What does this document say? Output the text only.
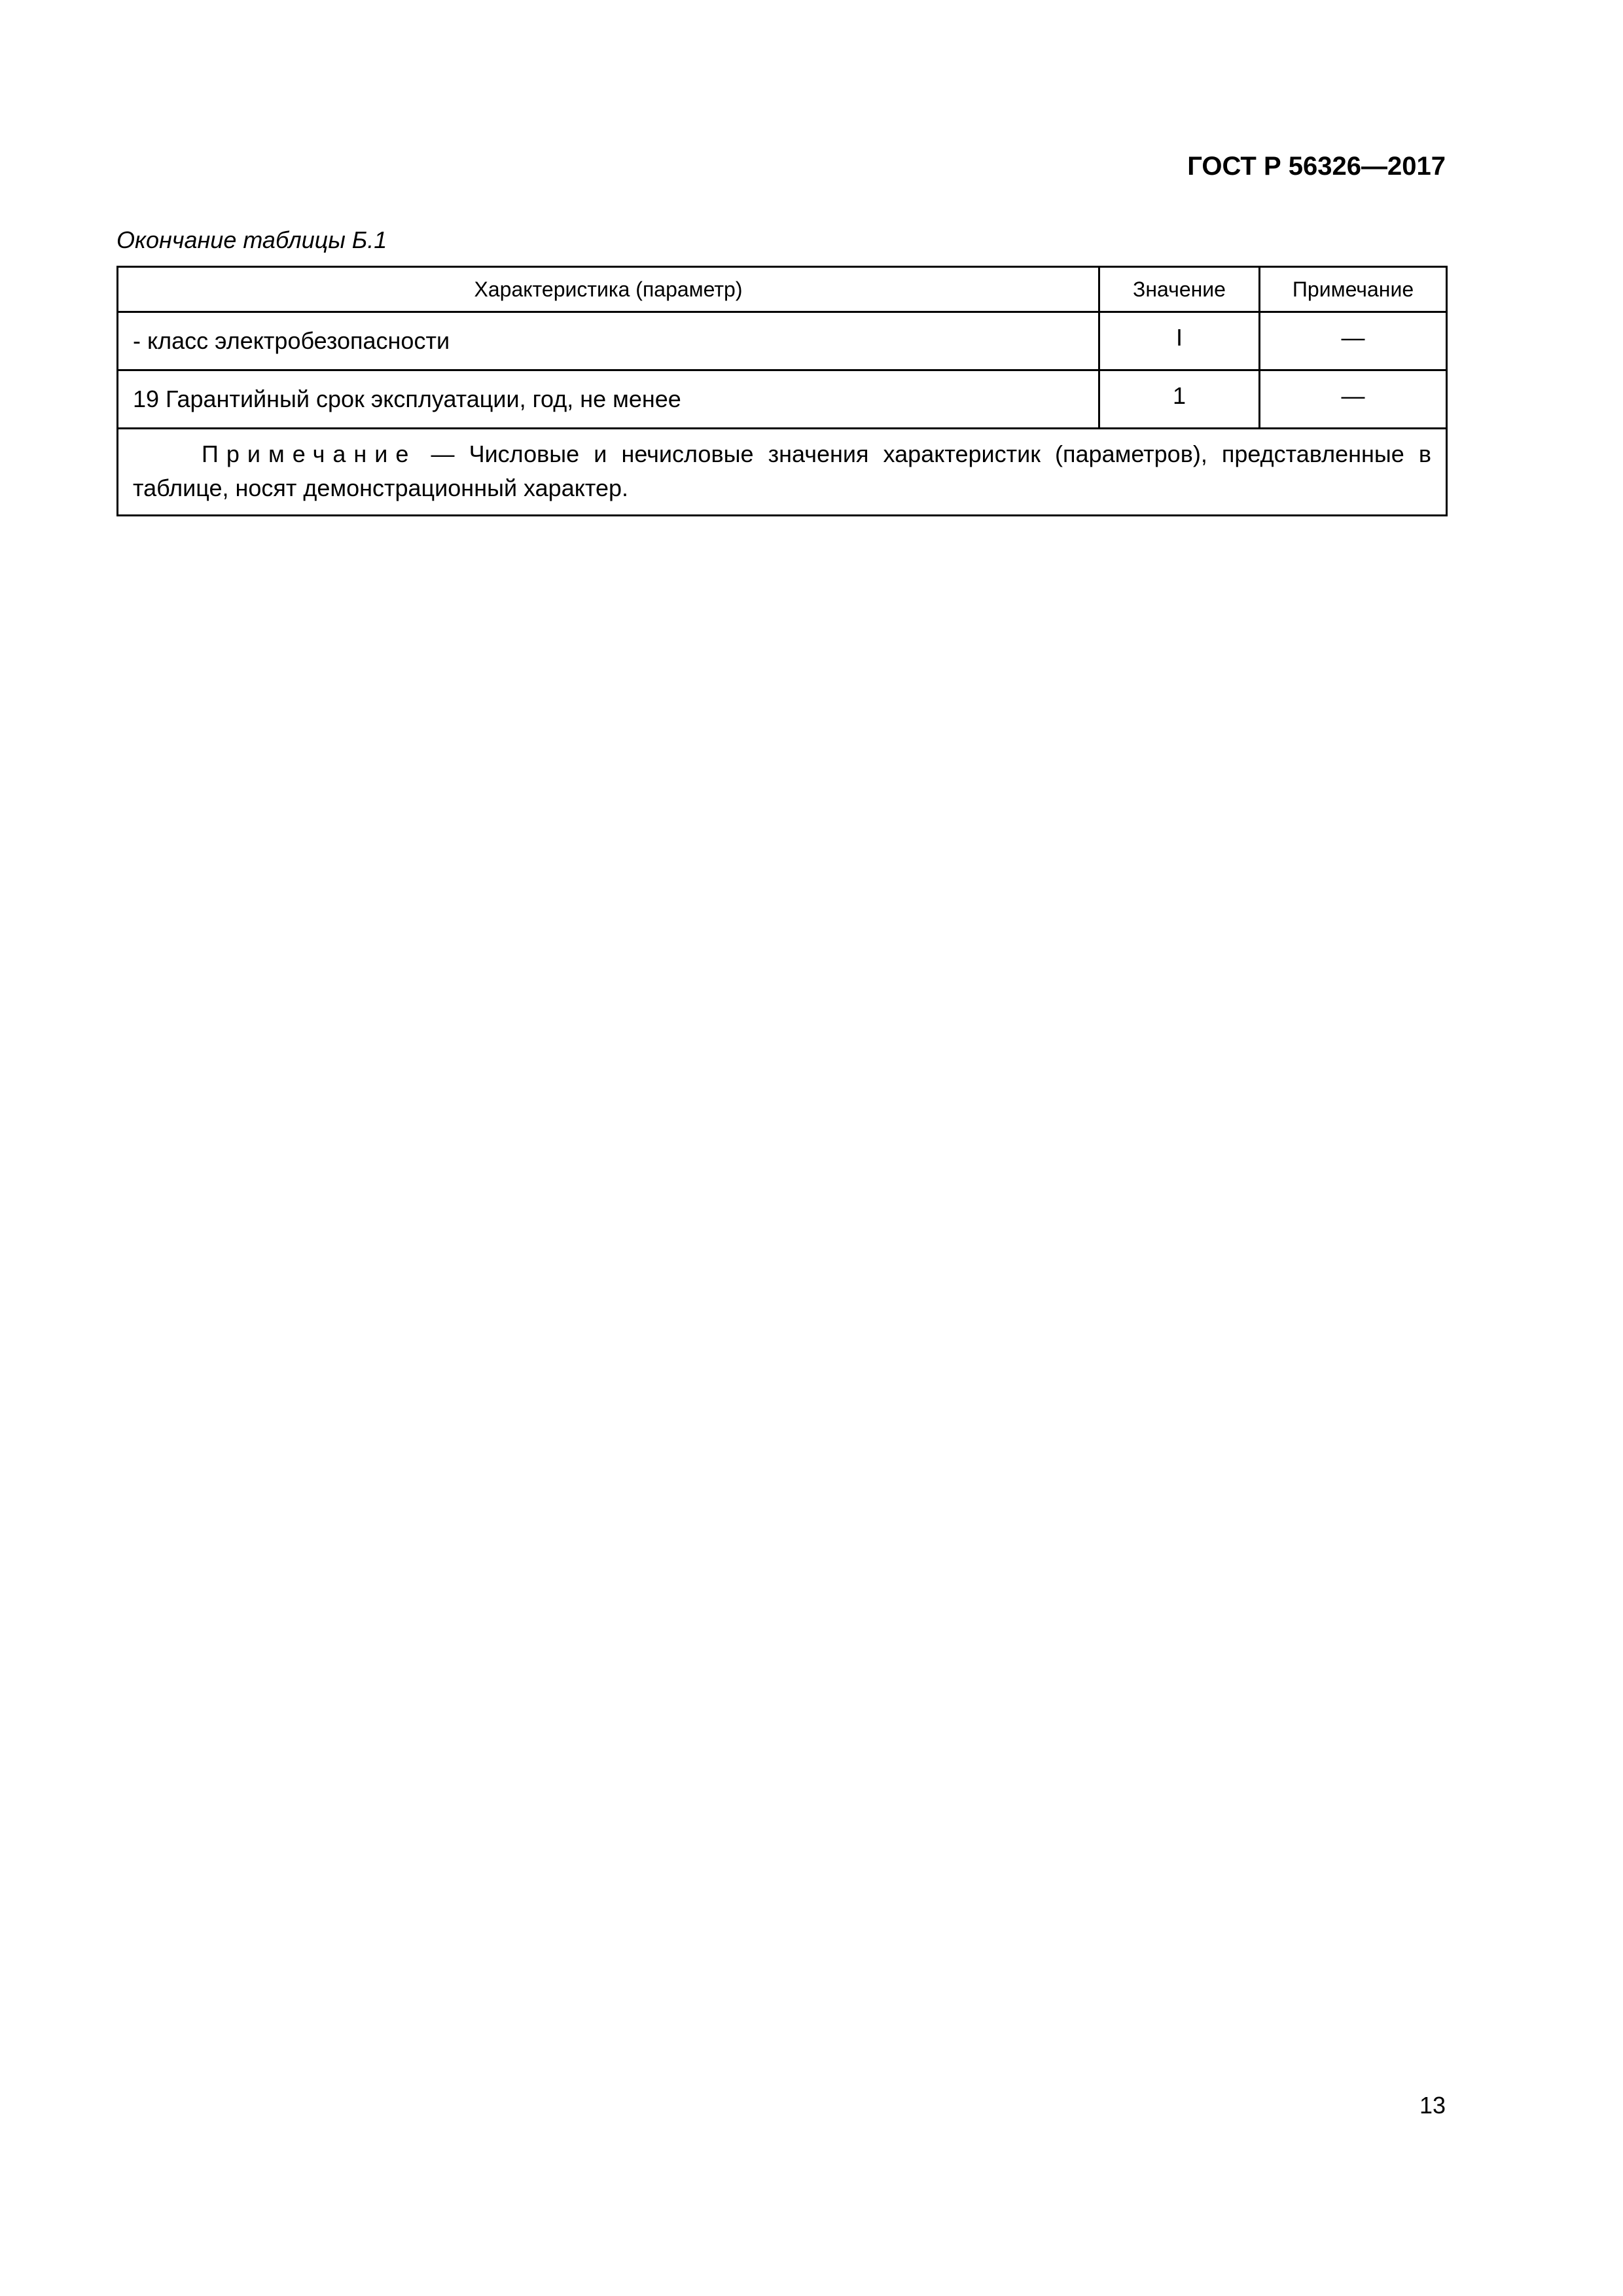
ГОСТ Р 56326—2017
Окончание таблицы Б.1
Характеристика (параметр)	Значение	Примечание
- класс электробезопасности	I	—
19 Гарантийный срок эксплуатации, год, не менее	1	—
Примечание — Числовые и нечисловые значения характеристик (параметров), представленные в таблице, носят демонстрационный характер.		
13
